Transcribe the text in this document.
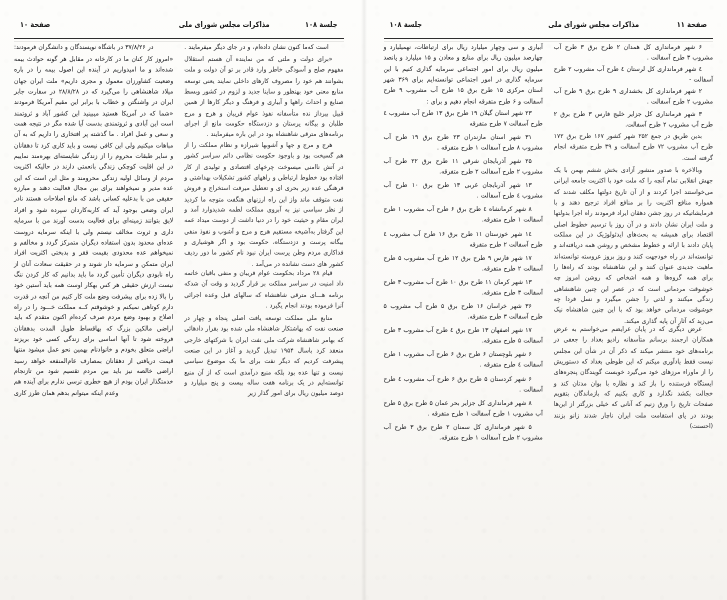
صفحة ۱۱
مذاکرات مجلس شورای ملی
جلسة ۱۰۸

۶ شهر فرمانداری کل همدان ۲ طرح برق ۳ طرح آب مشروب ۳ طرح آسفالت .

٤ شهر فرمانداری کل لرستان ٤ طرح آب مشروب ۲ طرح آسفالت -

۲ شهر فرمانداری کل بخشداری ۹ طرح برق ۹ طرح آب مشروب ۲ طرح آسفالت .

۳ شهر فرمانداری کل جزایر خلیج فارس ۳ طرح برق ۲ طرح آب مشروب ۲ طرح آسفالت.

بدین طریق در جمع ۲۵۲ شهر کشور ۱۶۷ طرح برق ۱۷۲ طرح آب مشروب ۷۲ طرح آسفالت و ۳۹ طرح متفرقه انجام گرفته است.

وبالاخره با صدور منشور آزادی بخش ششم بهمن با یک جهش انقلابی تمام آنچه را که ملت خود با اکثریت جامعه ایرانی می‌خواستند اجرا کردند و از آن تاریخ دولتها مکلف شدند که همواره منافع اکثریت را بر منافع افراد ترجیح دهند و با فرمایشاتیکه در روز جشن دهقان ایراد فرمودند راه اجرا بدولتها و ملت ایران نشان دادند و در آن روز با ترسیم خطوط اصلی اقتصاد برای همیشه به بحث‌های ایدئولوژیک در این مملکت پایان دادند با ارائه و خطوط مشخص و روشن همه دریافته‌اند و توانسته‌اند در راه خودجهت کنند و روز بروز عروسته توانسته‌اند ماهیت جدیدی عنوان کنند و این شاهنشاه بودند که راه‌ها را برای همه گروه‌ها و همه اشخاص که روشن امروز چه خوشوقت مردمانی است که در عصر این چنین شاهنشاهی زندگی میکنند و لذتی را جشن میگیرد و نسل فردا چه خوشوقت مردمانی خواهد بود که با این چنین شاهنشاه نیک می‌زید که آثار آن پایه گذاری میکند.

عرض دیگری که در پایان عرایضم می‌خواستم به عرض همکاران ارجمند برسانم متأسفانه رادیو بغداد را جعفی در برنامه‌های خود منتشر میکند که ذکر آن در شأن این مجلس نیست فقط یادآوری میکنم که این طوطی بغداد که دستوریش را از ماوراء مرزهای خود می‌گیرد خوبست گویندگان پنجره‌های ایستگاه فرستنده را باز کند و نظاره با بوان مدتان کند و خجالت بکشد نگذارد و کاری بکنیم که بازماندگان بتقویم صفحات تاریخ را ورق زنیم که آنانی که خیلی بزرگتر از این‌ها بودند در پای استقامت ملت ایران ناچار شدند زانو بزنند (احسنت)

آبیاری و سی وچهار میلیارد ریال برای ارتباطات، نهمیلیارد و چهارصد میلیون ریال برای منابع و معادن و ۱۵ میلیارد و پانصد میلیون ریال برای امور اجتماعی سرمایه گذاری کنیم با این سرمایه گذاری در امور اجتماعی توانسته‌ایم برای ۳۶۹ شهر استان مرکزی ۱۵ طرح برق ۱۵ طرح آب مشروب ۹ طرح آسفالت و ۶ طرح متفرقه انجام دهیم و برای :

۲۳ شهر استان گیلان ۱۹ طرح برق ۱۳ طرح آب مشروب ٤ طرح آسفالت ۷ طرح متفرقه

۳۱ شهر استان مازندران ۲۳ طرح برق ۱۹ طرح آب مشروب ۸ طرح آسفالت ۱ طرح متفرقه .

۲۵ شهر آذربایجان شرقی ۱۱ طرح برق ۲۲ طرح آب مشروب ۲ طرح آسفالت ۲ طرح متفرقه.

۱۳ شهر آذربایجان غربی ۱۳ طرح برق ۱۰ طرح آب مشروب ٤ طرح آسفالت .

۸ شهر کرمانشاه ٤ طرح برق ۶ طرح آب مشروب ۱ طرح آسفالت ۱ طرح متفرقه.

۱٤ شهر خوزستان ۱۱ طرح برق ۱۶ طرح آب مشروب ٤ طرح آسفالت ۲ طرح متفرقه

۱۷ شهر فارس ۹ طرح برق ۱۲ طرح آب مشروب ۵ طرح آسفالت ۲ طرح متفرقه.

۱۳ شهر کرمان ۱۱ طرح برق ۱۰ طرح آب مشروب ۳ طرح آسفالت ۳ طرح متفرقه.

۳۶ شهر خراسان ۱۶ طرح برق ۵ طرح آب مشروب ۵ طرح آسفالت ۳ طرح متفرقه.

۱۷ شهر اصفهان ۱۳ طرح برق ٤ طرح آب مشروب ۳ طرح آسفالت ۵ طرح متفرقه.

۶ شهر بلوچستان ۶ طرح برق ۶ طرح آب مشروب ۱ طرح آسفالت ٤ طرح متفرقه .

۶ شهر کردستان ۵ طرح برق ۶ طرح آب مشروب ٤ طرح آسفالت .

۸ شهر فرمانداری کل جزایر بحر عمان ۵ طرح برق ۵ طرح آب مشروب ۱ طرح آسفالت ۱ طرح متفرقه .

۵ شهر فرمانداری کل سمنان ۲ طرح برق ۳ طرح آب مشروب ۲ طرح آسفالت ۱ طرح متفرقه.

جلسة ۱۰۸
مذاکرات مجلس شورای ملی
صفحة ۱۰

است که‌ما کنون نشان داده‌ام، و در جای دیگر میفرمایند .

«برای دولت و ملتی که من نماینده آن هستم استقلال مفهوم صلح و آسودگی خاطر وارد قادر بر تو آن دولت و ملت بشوانند هم خود را مصروف کارهای داخلی نمایند یعنی توسعه منابع معنی خود بهنظور و ساینا جدید و لزوم در کشور وبسط صنایع و احداث راهها و آبیاری و فرهنگ و دیگر کارها از همین قبیل بیرداز نده متأسفانه نفوذ عوام فریبان و هرج و مرج طلبان و بیگانه پرستان و دزدستگاه حکومت مانع از اجرای برنامه‌های مترقی شاهنشاه بود در این باره میفرمایند .

هرج و مرج و جها و آشوبها شیرازه و نظام مملکت را از هم گسیخت بود و باوجود حکومت نظامی دائم سراسر کشور در آتش ناامنی میسوخت چرخهای اقتصادی و تولیدی از کار افتاده بود خطوط ارتباطی و راههای کشور تشکیلات بهداشتی و فرهنگی عده زیر بحری ای و تعطیل میرفت استخراج و فروش نفت متوقف ماند واز این راه ارزنهای هنگفت متوجه ما کردید از نظر سیاسی نیز به آبروی مملکت لطمه شدیدوارد آمد و ایران مقام و حیثیت خود را در دنیا داشت از دوست میداد عمه این گرفتار به‌آشیخه مستقیم هرج و مرج و آشوب و نفوذ منفی بیگانه پرست و دزدستگاه، حکومت بود و اگر هوشیاری و فداکاری مردم وطن پرست ایران نبود نام کشور ما دور ردیف کشور های دست نشانده در می‌آمد .

قیام ۲۸ مرداد بحکومت عوام فریبان و منفی باقیان خاتمه داد امنیت در سراسر مملکت بر قرار گردید و وقت آن شدکه برنامه هـــای مترقی شاهنشاه که سالهای قبل وعده اجرائی آنرا فرموده بودند انجام یگیرد .

منابع ملی مملکت توسعه یافت اصلی پنجاه و چهار در صنعت نفت که بهاشتکار شاهنشاه ملی شده بود بقرار دادهائی که بهامر شاهنشاه شرکت ملی نفت ایران با شرکتهای خارجی منعقد کرد باسال ۱۹۵۴ تبدیل گردید و آغاز در این صنعت پیشرفت کردیم که دیگر نفت برای ما یک موضوع سیاسی نیست و تنها عده بود بلکه منبع درآمدی است که از آن منبع توانسته‌ایم در یک برنامه هفت ساله بیست و پنج میلیارد و دوصد میلیون ریال برای امور گذار زیر

در ۳۷/۸/۲۶ در باشگاه نویسندگان و دانشگران فرمودند:

«امروز کار کنان ما در کارخانه در مقابل هر گونه حوادث بیمه شده‌اند و ما امیدواریم در آینده این اصول بیمه را در باره وضعیت کشاورزان معمول و مجری داریم» ملت ایران جهان میلاد شاهنشاهی را می‌گیرد که در ۲۸/۸/۲۸ در سفارت جابر ایران در واشنگتن و خطاب با برابر این مقیم آمریکا فرمودند «شما که در آمریکا هستید میبینید این کشور آباد و ثروتمند است این آبادی و ثروتمندی بدست آیا شده مگر در نتیجه همت و سعی و عمل افراد . ما گذشته پر افتخاری را داریم که به آن مباهات میکنیم ولی این کافی نیست و باید کاری کرد تا دهقانان و سایر طبقات محروم را از زندگی شایسته‌ای بهره‌مند نماییم در این اقلیت کوچکی زندگی بانعمتی دارند در حالیکه اکثریت مردم از وسائل اولیه زندگی محرومند و مثل این است که این عده مدیر و نمیخواهند برای بین مجال فعالیت دهند و مبارزه حقیقی من با بدعلیه کسانی باشد که مانع اصلاحات هستند نادر ایران وضعی بوجود آید که کاربه‌کاردان سپرده شود و افراد لایق بتوانند زمینه‌ای برای فعالیت بدست آورند من با سرمایه داری و ثروت مخالف نیستم ولی با اینکه سرمایه دروست عده‌ای محدود بدون استفاده دیگران متمرکز گردد و مخالفم و نمیخواهم عده محدودی بقیمت فقر و بدبختی اکثریت افراد ایران متمکن و سرمایه دار شوند و در حقیقت سعادت آنان از راه نابودی دیگران تأمین گردد ما باید بدانیم که کار کردن ننگ نیست ارزش حقیقی هر کس بهکار اوست همه باید آستین خود را بالا زده برای بیشرفت وضع ملت کار کنیم من آنچه در قدرت دارم کوتاهی نمیکنم و خوشوقتم کــه مملکت خـــود را در راه اصلاح و بهبود وضع مردم صرف کرده‌ام اکنون متقدم که باید اراضی مالکین بزرگ که بهاقساط طویل المدت بدهقانان فروخته شود تا آنها اساسی برای زندگی کسی خود بریزند اراضی متعلق بخودم و خانوادنام بهمین نحو عمل میشود منتها قیمت دریافتی از دهقانان بمصارف عام‌المنفعه خواهد رسید اراضی خالصه نیز باید بین مردم تقسیم شود من تازنجام خدمتگذار ایران بودم از هیچ خطری ترسی ندارم برای آینده هم وعدم اینکه میتوانم بدهم همان طرز کاری
